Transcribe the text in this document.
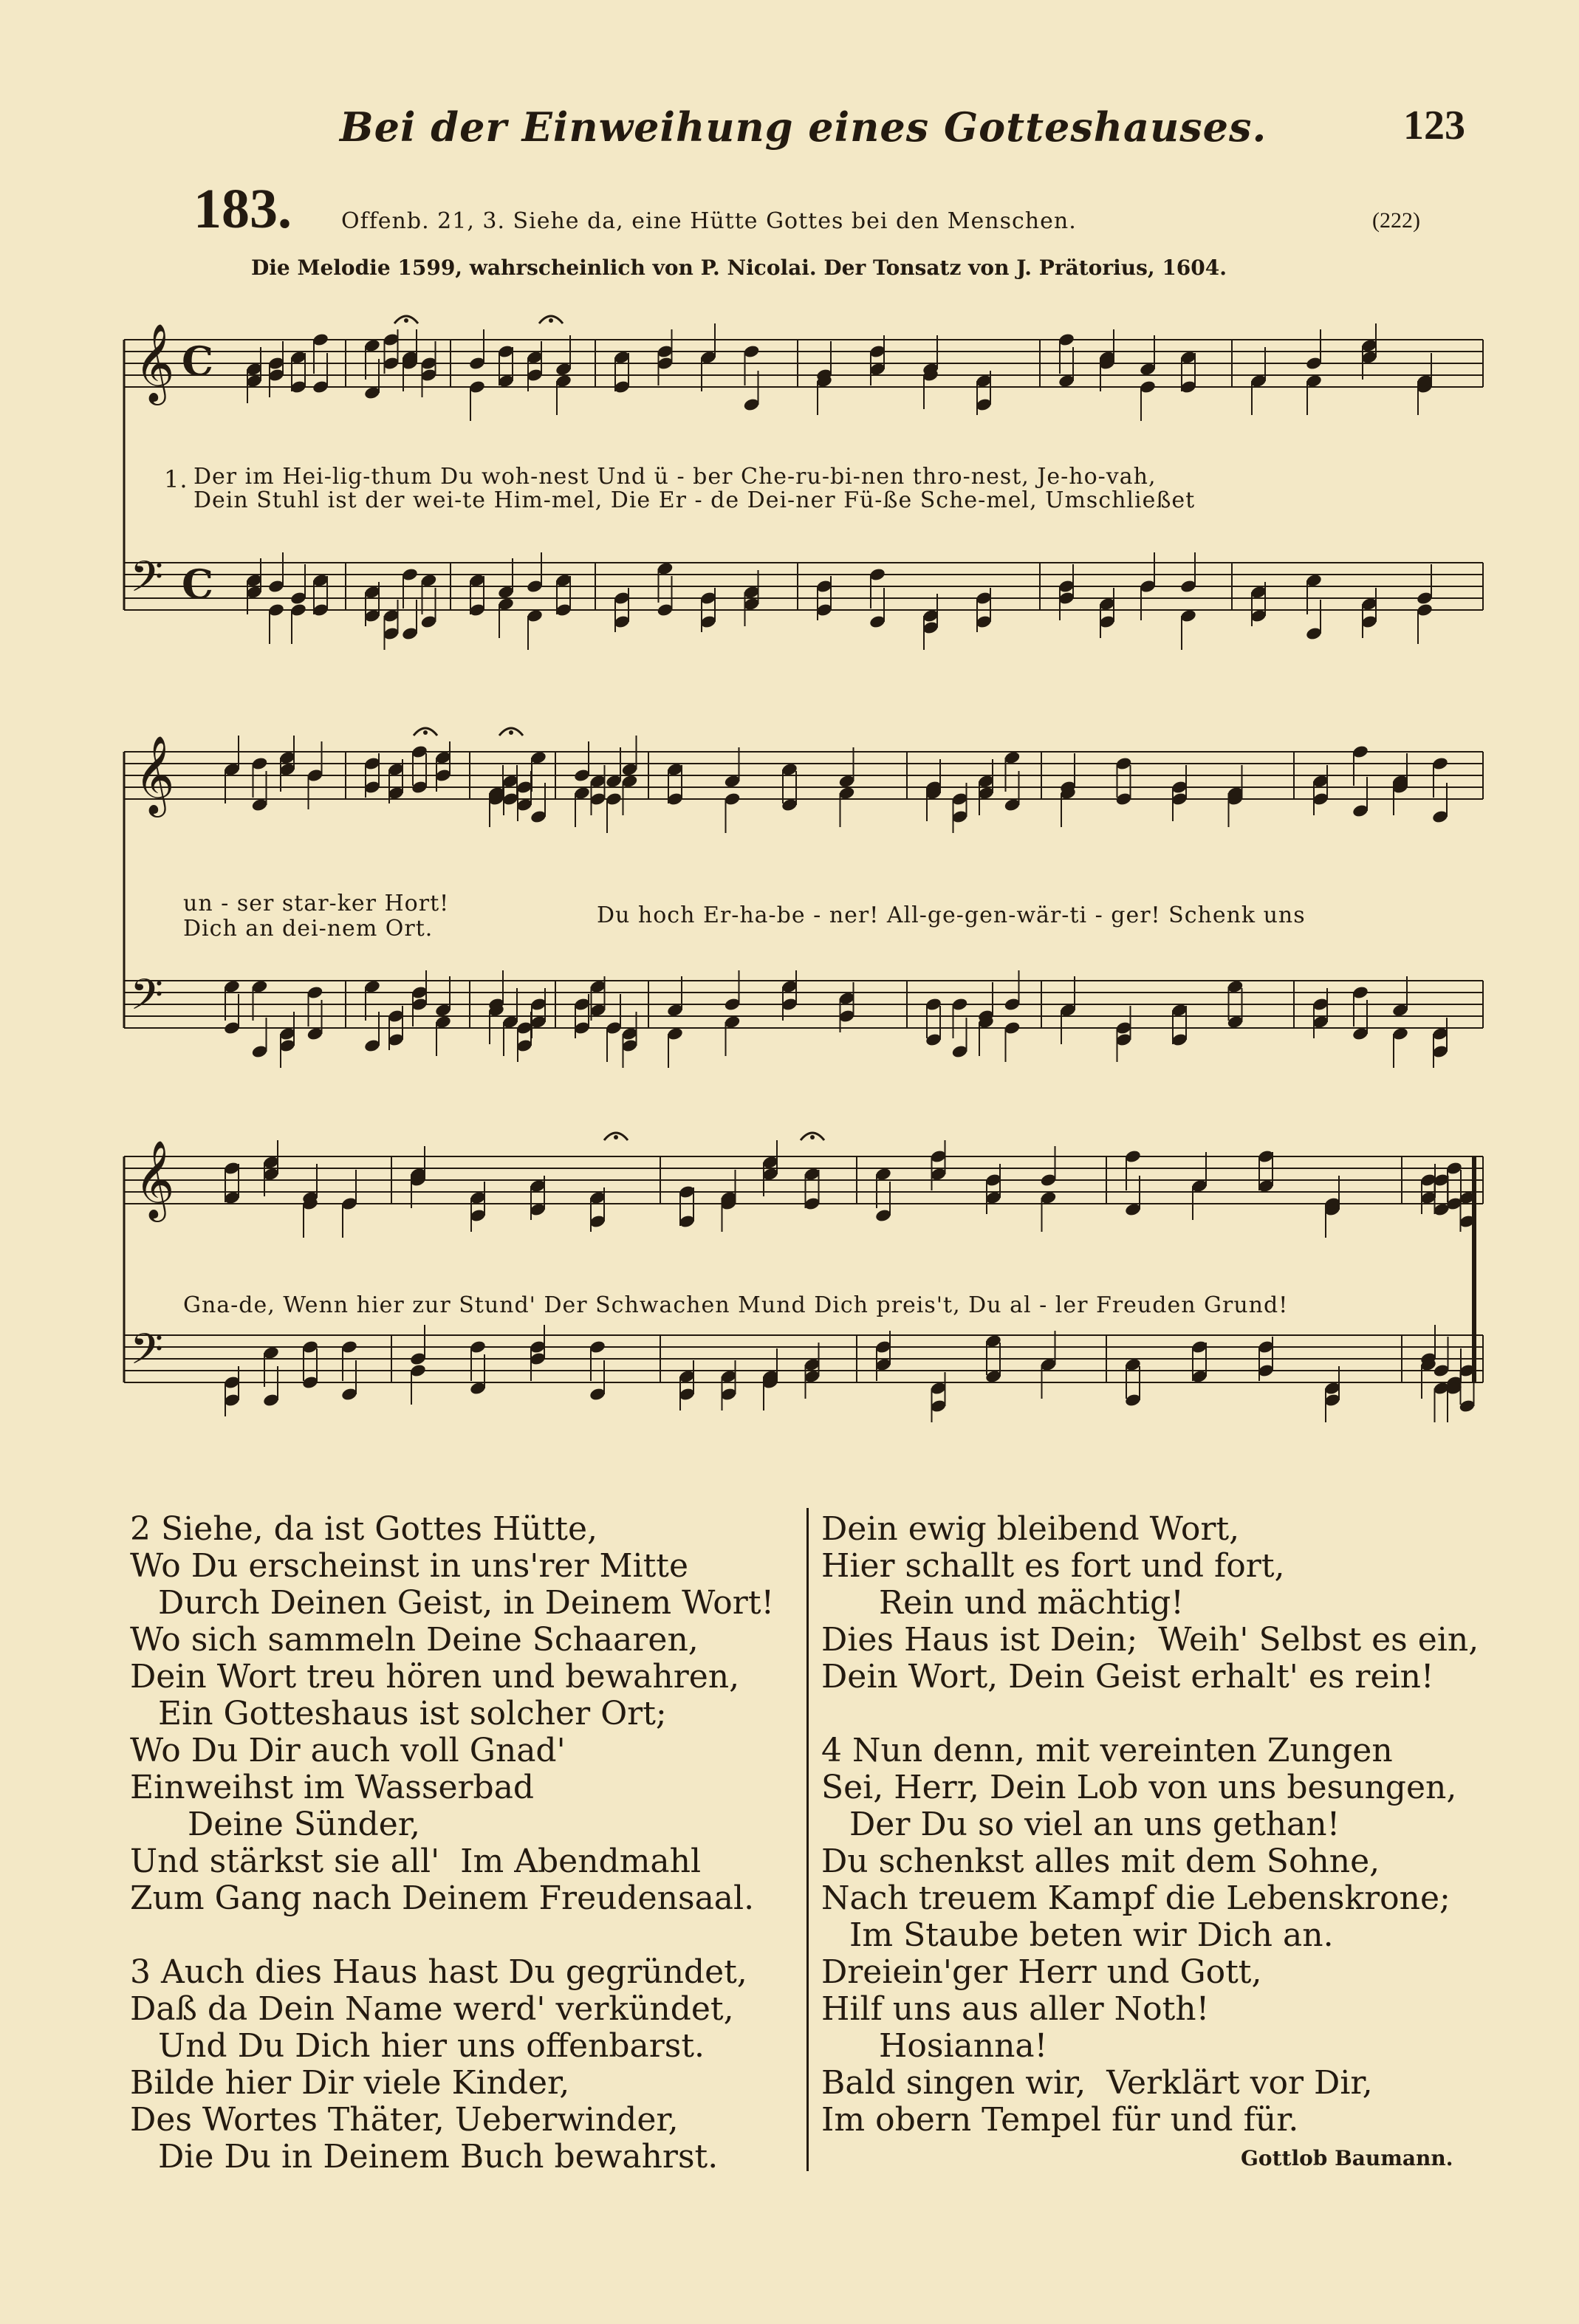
Bei der Einweihung eines Gotteshauses.	123
183. Offenb. 21, 3. Siehe da, eine Hütte Gottes bei den Menschen.	(222)
Die Melodie 1599, wahrscheinlich von P. Nicolai. Der Tonsatz von J. Prätorius, 1604.
𝄞
𝄢
C
C
𝄞
𝄢
𝄞
𝄢
1. Der im Hei-lig-thum Du woh-nest Und ü - ber Che-ru-bi-nen thro-nest, Je-ho-vah,
Dein Stuhl ist der wei-te Him-mel, Die Er - de Dei-ner Fü-ße Sche-mel, Umschließet
un - ser star-ker Hort!
Dich an dei-nem Ort.
Du hoch Er-ha-be - ner! All-ge-gen-wär-ti - ger! Schenk uns
Gna-de, Wenn hier zur Stund' Der Schwachen Mund Dich preis't, Du al - ler Freuden Grund!
2 Siehe, da ist Gottes Hütte,
Wo Du erscheinst in uns'rer Mitte
Durch Deinen Geist, in Deinem Wort!
Wo sich sammeln Deine Schaaren,
Dein Wort treu hören und bewahren,
Ein Gotteshaus ist solcher Ort;
Wo Du Dir auch voll Gnad'
Einweihst im Wasserbad
Deine Sünder,
Und stärkst sie all'  Im Abendmahl
Zum Gang nach Deinem Freudensaal.
3 Auch dies Haus hast Du gegründet,
Daß da Dein Name werd' verkündet,
Und Du Dich hier uns offenbarst.
Bilde hier Dir viele Kinder,
Des Wortes Thäter, Ueberwinder,
Die Du in Deinem Buch bewahrst.
Dein ewig bleibend Wort,
Hier schallt es fort und fort,
Rein und mächtig!
Dies Haus ist Dein;  Weih' Selbst es ein,
Dein Wort, Dein Geist erhalt' es rein!
4 Nun denn, mit vereinten Zungen
Sei, Herr, Dein Lob von uns besungen,
Der Du so viel an uns gethan!
Du schenkst alles mit dem Sohne,
Nach treuem Kampf die Lebenskrone;
Im Staube beten wir Dich an.
Dreiein'ger Herr und Gott,
Hilf uns aus aller Noth!
Hosianna!
Bald singen wir,  Verklärt vor Dir,
Im obern Tempel für und für.
Gottlob Baumann.
